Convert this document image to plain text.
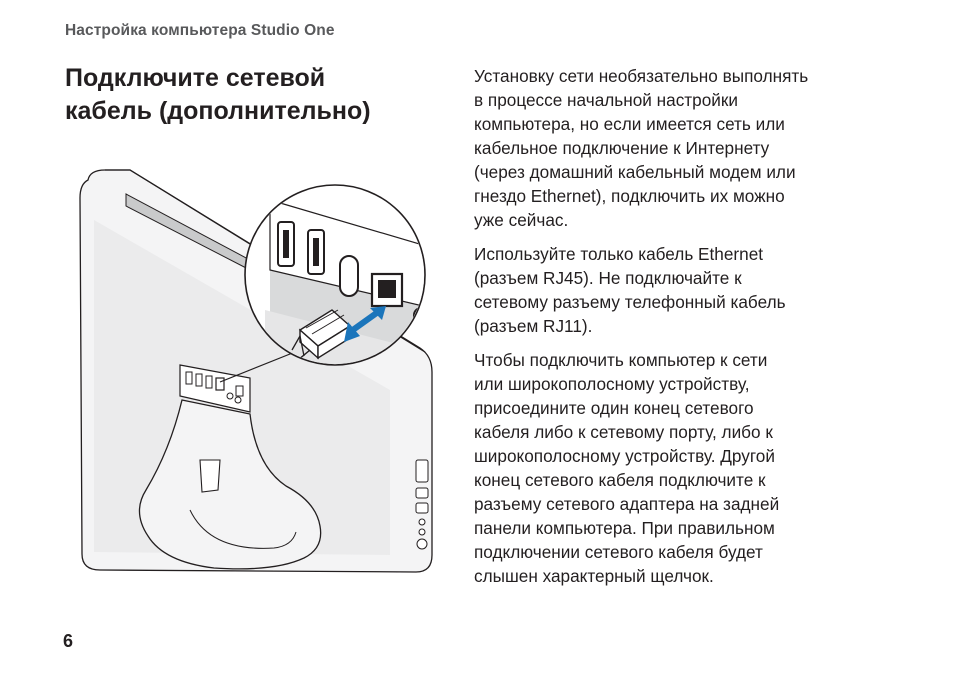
Настройка компьютера Studio One
Подключите сетевой
кабель (дополнительно)

Установку сети необязательно выполнять
в процессе начальной настройки
компьютера, но если имеется сеть или
кабельное подключение к Интернету
(через домашний кабельный модем или
гнездо Ethernet), подключить их можно
уже сейчас.

Используйте только кабель Ethernet
(разъем RJ45). Не подключайте к
сетевому разъему телефонный кабель
(разъем RJ11).

Чтобы подключить компьютер к сети
или широкополосному устройству,
присоедините один конец сетевого
кабеля либо к сетевому порту, либо к
широкополосному устройству. Другой
конец сетевого кабеля подключите к
разъему сетевого адаптера на задней
панели компьютера. При правильном
подключении сетевого кабеля будет
слышен характерный щелчок.

6
